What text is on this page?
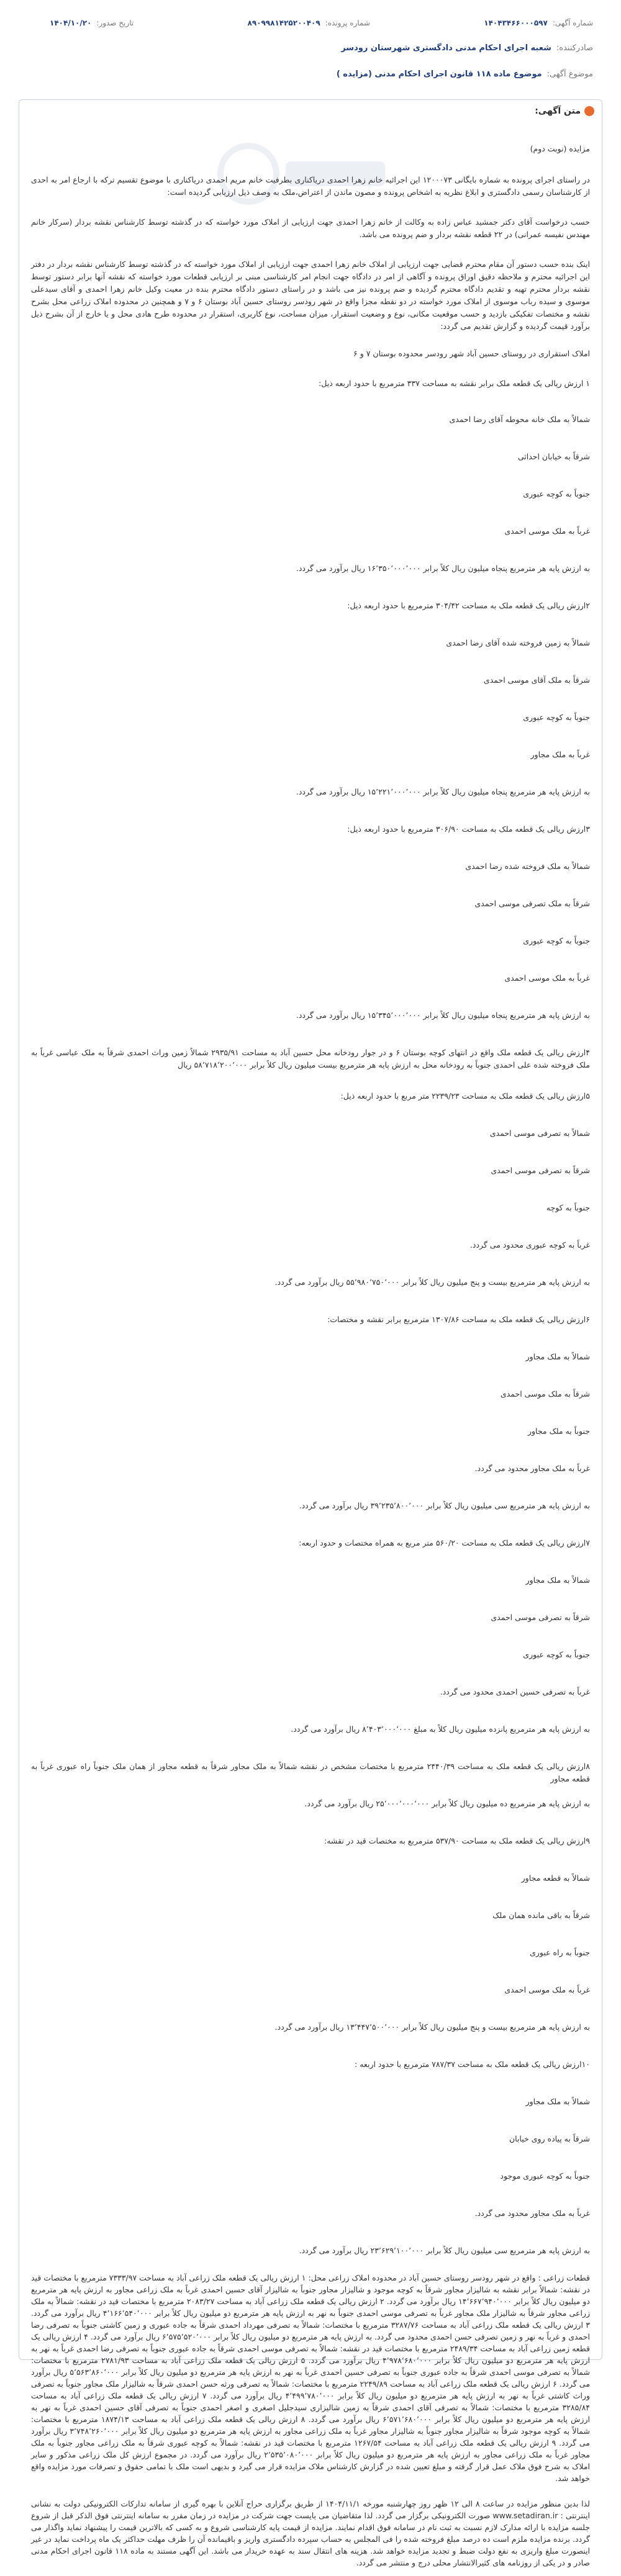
شماره آگهی:
۱۴۰۴۳۴۶۶۰۰۰۵۹۷
شماره پرونده:
۸۹۰۹۹۸۱۴۲۵۲۰۰۴۰۹
تاریخ صدور:
۱۴۰۴/۱۰/۲۰
صادرکننده:
شعبه اجرای احکام مدنی دادگستری شهرستان رودسر
موضوع آگهی:
موضوع ماده ۱۱۸ قانون اجرای احکام مدنی (مزایده )
متن آگهی:

مزایده (نوبت دوم)

در راستای اجرای پرونده به شماره بایگانی ۱۲۰۰۰۷۳ این اجرائیه خانم زهرا احمدی دریاکناری بطرفیت خانم مریم احمدی دریاکناری با موضوع تقسیم ترکه با ارجاع امر به احدی از کارشناسان رسمی دادگستری و ابلاغ نظریه به اشخاص پرونده و مصون ماندن از اعتراض،ملک به وصف ذیل ارزیابی گردیده است:

حسب درخواست آقای دکتر جمشید عباس زاده به وکالت از خانم زهرا احمدی جهت ارزیابی از املاک مورد خواسته که در گذشته توسط کارشناس نقشه بردار (سرکار خانم مهندس نفیسه عمرانی) در ۲۲ قطعه نقشه بردار و ضم پرونده می باشد.

اینک بنده حسب دستور آن مقام محترم قضایی جهت ارزیابی از املاک خانم زهرا احمدی جهت ارزیابی از املاک مورد خواسته که در گذشته توسط کارشناس نقشه بردار در دفتر این اجرائیه محترم و ملاحظه دقیق اوراق پرونده و آگاهی از امر در دادگاه جهت انجام امر کارشناسی مبنی بر ارزیابی قطعات مورد خواسته که نقشه آنها برابر دستور توسط نقشه بردار محترم تهیه و تقدیم دادگاه محترم گردیده و ضم پرونده نیز می باشد و در راستای دستور دادگاه محترم بنده در معیت وکیل خانم زهرا احمدی و آقای سیدعلی موسوی و سیده رباب موسوی از املاک مورد خواسته در دو نقطه مجزا واقع در شهر رودسر روستای حسین آباد بوستان ۶ و ۷ و همچنین در محدوده املاک زراعی محل بشرح نقشه و مختصات تفکیکی بازدید و حسب موقعیت مکانی، نوع و وضعیت استقرار، میزان مساحت، نوع کاربری، استقرار در محدوده طرح هادی محل و یا خارج از آن بشرح ذیل برآورد قیمت گردیده و گزارش تقدیم می گردد:

املاک استقراری در روستای حسین آباد شهر رودسر محدوده بوستان ۷ و ۶

۱ ارزش ریالی یک قطعه ملک برابر نقشه به مساحت ۳۳۷ مترمربع با حدود اربعه ذیل:

شمالاً به ملک خانه محوطه آقای رضا احمدی

شرقاً به خیابان احداثی

جنوباً به کوچه عبوری

غرباً به ملک موسی احمدی

به ارزش پایه هر مترمربع پنجاه میلیون ریال کلاً برابر ۱۶٬۳۵۰٬۰۰۰٬۰۰۰ ریال برآورد می گردد.

۲ارزش ریالی یک قطعه ملک به مساحت ۳۰۴/۴۲ مترمربع با حدود اربعه ذیل:

شمالاً به زمین فروخته شده آقای رضا احمدی

شرقاً به ملک آقای موسی احمدی

جنوباً به کوچه عبوری

غرباً به ملک مجاور

به ارزش پایه هر مترمربع پنجاه میلیون ریال کلاً برابر ۱۵٬۲۲۱٬۰۰۰٬۰۰۰ ریال برآورد می گردد.

۳ارزش ریالی یک قطعه ملک به مساحت ۳۰۶/۹۰ مترمربع با حدود اربعه ذیل:

شمالاً به ملک فروخته شده رضا احمدی

شرقاً به ملک تصرفی موسی احمدی

جنوباً به کوچه عبوری

غرباً به ملک موسی احمدی

به ارزش پایه هر مترمربع پنجاه میلیون ریال کلاً برابر ۱۵٬۳۴۵٬۰۰۰٬۰۰۰ ریال برآورد می گردد.

۴ارزش ریالی یک قطعه ملک واقع در انتهای کوچه بوستان ۶ و در جوار رودخانه محل حسین آباد به مساحت ۲۹۳۵/۹۱ شمالاً زمین وراث احمدی شرقاً به ملک عباسی غرباً به ملک فروخته شده علی احمدی جنوباً به رودخانه محل به ارزش پایه هر مترمربع بیست میلیون ریال کلاً برابر ۵۸٬۷۱۸٬۲۰۰٬۰۰۰ ریال

۵ارزش ریالی یک قطعه ملک به مساحت ۲۲۳۹/۲۳ متر مربع با حدود اربعه ذیل:

شمالاً به تصرفی موسی احمدی

شرقاً به تصرفی موسی احمدی

جنوباً به کوچه

غرباً به کوچه عبوری محدود می گردد.

به ارزش پایه هر مترمربع بیست و پنج میلیون ریال کلاً برابر ۵۵٬۹۸۰٬۷۵۰٬۰۰۰ ریال برآورد می گردد.

۶ارزش ریالی یک قطعه ملک به مساحت ۱۳۰۷/۸۶ مترمربع برابر نقشه و مختصات:

شمالاً به ملک مجاور

شرقاً به ملک موسی احمدی

جنوباً به ملک مجاور

غرباً به ملک مجاور محدود می گردد.

به ارزش پایه هر مترمربع سی میلیون ریال کلاً برابر ۳۹٬۲۳۵٬۸۰۰٬۰۰۰ ریال برآورد می گردد.

۷ارزش ریالی یک قطعه ملک به مساحت ۵۶۰/۲۰ متر مربع به همراه مختصات و حدود اربعه:

شمالاً به ملک مجاور

شرقاً به تصرفی موسی احمدی

جنوباً به کوچه عبوری

غرباً به تصرفی حسین احمدی محدود می گردد.

به ارزش پایه هر مترمربع پانزده میلیون ریال کلاً به مبلغ ۸٬۴۰۳٬۰۰۰٬۰۰۰ ریال برآورد می گردد.

۸ارزش ریالی یک قطعه ملک به مساحت ۲۴۴۰/۳۹ مترمربع با مختصات مشخص در نقشه شمالاً به ملک مجاور شرقاً به قطعه مجاور از همان ملک جنوباً راه عبوری غرباً به قطعه مجاور

به ارزش پایه هر مترمربع ده میلیون ریال کلاً برابر ۲۵٬۰۰۰٬۰۰۰٬۰۰۰ ریال برآورد می گردد.

۹ارزش ریالی یک قطعه ملک به مساحت ۵۳۷/۹۰ مترمربع به مختصات قید در نقشه:

شمالاً به قطعه مجاور

شرقاً به باقی مانده همان ملک

جنوباً به راه عبوری

غرباً به ملک موسی احمدی

به ارزش پایه هر مترمربع بیست و پنج میلیون ریال کلاً برابر ۱۳٬۴۴۷٬۵۰۰٬۰۰۰ ریال برآورد می گردد.

۱۰ارزش ریالی یک قطعه ملک به مساحت ۷۸۷/۳۷ مترمربع با حدود اربعه :

شمالاً به ملک مجاور

شرقاً به پیاده روی خیابان

جنوباً به کوچه عبوری موجود

غرباً به ملک مجاور محدود می گردد.

به ارزش پایه هر مترمربع سی میلیون ریال کلاً برابر ۲۳٬۶۲۹٬۱۰۰٬۰۰۰ ریال برآورد می گردد.

قطعات زراعی : واقع در شهر رودسر روستای حسین آباد در محدوده املاک زراعی محل: ۱ ارزش ریالی یک قطعه ملک زراعی آباد به مساحت ۷۳۳۳/۹۷ مترمربع با مختصات قید در نقشه: شمالاً برابر نقشه به شالیزار مجاور شرقاً به کوچه موجود و شالیزار مجاور جنوباً به شالیزار آقای حسین احمدی غرباً به ملک زراعی مجاور به ارزش پایه هر مترمربع دو میلیون ریال کلاً برابر ۱۴٬۶۶۷٬۹۴۰٬۰۰۰ ریال برآورد می گردد. ۲ ارزش ریالی یک قطعه ملک زراعی آباد به مساحت ۲۰۸۳/۲۷ مترمربع با مختصات قید در نقشه: شمالاً به ملک زراعی مجاور شرقاً به شالیزار ملک مجاور غرباً به تصرفی موسی احمدی جنوباً به نهر به ارزش پایه هر مترمربع دو میلیون ریال کلاً برابر ۴٬۱۶۶٬۵۴۰٬۰۰۰ ریال برآورد می گردد. ۳ ارزش ریالی یک قطعه ملک زراعی آباد به مساحت ۳۲۸۷/۷۶ مترمربع با مختصات: شمالاً به تصرفی مهرداد احمدی شرقاً به جاده عبوری و زمین کاشتی جنوباً به تصرفی رضا احمدی و غرباً به نهر و زمین تصرفی حسن احمدی محدود می گردد. به ارزش پایه هر مترمربع دو میلیون ریال کلاً برابر ۶٬۵۷۵٬۵۲۰٬۰۰۰ ریال برآورد می گردد. ۴ ارزش ریالی یک قطعه زمین زراعی آباد به مساحت ۲۴۸۹/۳۴ مترمربع با مختصات قید در نقشه: شمالاً به تصرفی موسی احمدی شرقاً به جاده عبوری جنوباً به تصرفی رضا احمدی غرباً به نهر به ارزش پایه هر مترمربع دو میلیون ریال کلاً برابر ۴٬۹۷۸٬۶۸۰٬۰۰۰ ریال برآورد می گردد. ۵ ارزش ریالی یک قطعه ملک زراعی آباد به مساحت ۲۷۸۱/۹۳ مترمربع با مختصات: شمالاً به تصرفی موسی احمدی شرقاً به جاده عبوری جنوباً به تصرفی حسین احمدی غرباً به نهر به ارزش پایه هر مترمربع دو میلیون ریال کلاً برابر ۵٬۵۶۳٬۸۶۰٬۰۰۰ ریال برآورد می گردد. ۶ ارزش ریالی یک قطعه ملک زراعی آباد به مساحت ۲۲۴۹/۸۹ مترمربع با مختصات: شمالاً به تصرفی ورثه حسن احمدی شرقاً به شالیزار ملک مجاور جنوباً به تصرفی وراث کاشتی غرباً به نهر به ارزش پایه هر مترمربع دو میلیون ریال کلاً برابر ۴٬۴۹۹٬۷۸۰٬۰۰۰ ریال برآورد می گردد. ۷ ارزش ریالی یک قطعه ملک زراعی آباد به مساحت ۳۲۸۵/۸۴ مترمربع با مختصات: شمالاً به تصرفی آقای احمدی شرقاً به زمین شالیزاری سیدجلیل اصغری و اصغر احمدی جنوباً به تصرفی آقای حسین احمدی غرباً به نهر به ارزش پایه هر مترمربع دو میلیون ریال کلاً برابر ۶٬۵۷۱٬۶۸۰٬۰۰۰ ریال برآورد می گردد. ۸ ارزش ریالی یک قطعه ملک زراعی آباد به مساحت ۱۸۷۴/۱۳ مترمربع با مختصات: شمالاً به کوچه موجود شرقاً به شالیزار مجاور جنوباً به شالیزار مجاور غرباً به ملک زراعی مجاور به ارزش پایه هر مترمربع دو میلیون ریال کلاً برابر ۳٬۷۴۸٬۲۶۰٬۰۰۰ ریال برآورد می گردد. ۹ ارزش ریالی یک قطعه ملک زراعی آباد به مساحت ۱۲۶۷/۵۴ مترمربع با مختصات قید در نقشه: شمالاً به کوچه عبوری شرقاً به ملک زراعی مجاور جنوباً به ملک مجاور غرباً به ملک زراعی مجاور به ارزش پایه هر مترمربع دو میلیون ریال کلاً برابر ۲٬۵۳۵٬۰۸۰٬۰۰۰ ریال برآورد می گردد. در مجموع ارزش کل ملک زراعی مذکور و سایر املاک به شرح فوق ملاک عمل قرار گرفته و مبلغ تعیین شده در گزارش کارشناس ملاک مزایده قرار می گیرد و بدیهی است ملک با تمامی حقوق و تصرفات مورد مزایده واقع خواهد شد.

لذا بدین منظور مزایده در ساعت ۸ الی ۱۲ ظهر روز چهارشنبه مورخه ۱۴۰۴/۱۱/۱ از طریق برگزاری حراج آنلاین با بهره گیری از سامانه تدارکات الکترونیکی دولت به نشانی اینترنتی : www.setadiran.ir صورت الکترونیکی برگزار می گردد. لذا متقاضیان می بایست جهت شرکت در مزایده در زمان مقرر به سامانه اینترنتی فوق الذکر قبل از شروع جلسه مزایده با ارائه مدارک لازم نسبت به ثبت نام در سامانه فوق اقدام نمایند. مزایده از قیمت پایه کارشناسی شروع و به کسی که بالاترین قیمت را پیشنهاد نماید واگذار می گردد. برنده مزایده ملزم است ده درصد مبلغ فروخته شده را فی المجلس به حساب سپرده دادگستری واریز و باقیمانده آن را ظرف مهلت حداکثر یک ماه پرداخت نماید در غیر اینصورت مبلغ واریزی به نفع دولت ضبط و تجدید مزایده خواهد شد. هزینه های انتقال سند به عهده خریدار می باشد. این آگهی مستند به ماده ۱۱۸ قانون اجرای احکام مدنی صادر و در یکی از روزنامه های کثیرالانتشار محلی درج و منتشر می گردد.
